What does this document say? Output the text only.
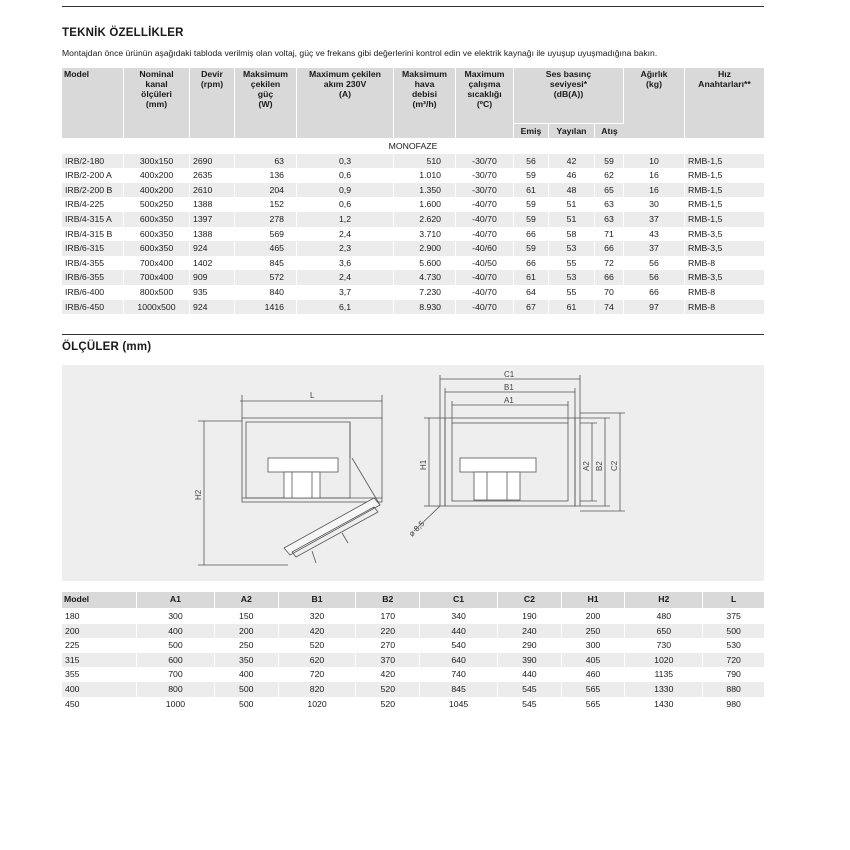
TEKNİK ÖZELLİKLER
Montajdan önce ürünün aşağıdaki tabloda verilmiş olan voltaj, güç ve frekans gibi değerlerini kontrol edin ve elektrik kaynağı ile uyuşup uyuşmadığına bakın.
Model	Nominal
kanal
ölçüleri
(mm)	Devir
(rpm)	Maksimum
çekilen
güç
(W)	Maximum çekilen
akım 230V
(A)	Maksimum
hava
debisi
(m³/h)	Maximum
çalışma
sıcaklığı
(ºC)	Ses basınç
seviyesi*
(dB(A))			Ağırlık
(kg)	Hız
Anahtarları**
							Emiş	Yayılan	Atış		
MONOFAZE											
IRB/2-180	300x150	2690	63	0,3	510	-30/70	56	42	59	10	RMB-1,5
IRB/2-200 A	400x200	2635	136	0,6	1.010	-30/70	59	46	62	16	RMB-1,5
IRB/2-200 B	400x200	2610	204	0,9	1.350	-30/70	61	48	65	16	RMB-1,5
IRB/4-225	500x250	1388	152	0,6	1.600	-40/70	59	51	63	30	RMB-1,5
IRB/4-315 A	600x350	1397	278	1,2	2.620	-40/70	59	51	63	37	RMB-1,5
IRB/4-315 B	600x350	1388	569	2,4	3.710	-40/70	66	58	71	43	RMB-3,5
IRB/6-315	600x350	924	465	2,3	2.900	-40/60	59	53	66	37	RMB-3,5
IRB/4-355	700x400	1402	845	3,6	5.600	-40/50	66	55	72	56	RMB-8
IRB/6-355	700x400	909	572	2,4	4.730	-40/70	61	53	66	56	RMB-3,5
IRB/6-400	800x500	935	840	3,7	7.230	-40/70	64	55	70	66	RMB-8
IRB/6-450	1000x500	924	1416	6,1	8.930	-40/70	67	61	74	97	RMB-8
ÖLÇÜLER (mm)
L
H2
H1
C1
B1
A1
A2 B2 C2
ø 8,5
Model	A1	A2	B1	B2	C1	C2	H1	H2	L
180	300	150	320	170	340	190	200	480	375
200	400	200	420	220	440	240	250	650	500
225	500	250	520	270	540	290	300	730	530
315	600	350	620	370	640	390	405	1020	720
355	700	400	720	420	740	440	460	1135	790
400	800	500	820	520	845	545	565	1330	880
450	1000	500	1020	520	1045	545	565	1430	980
